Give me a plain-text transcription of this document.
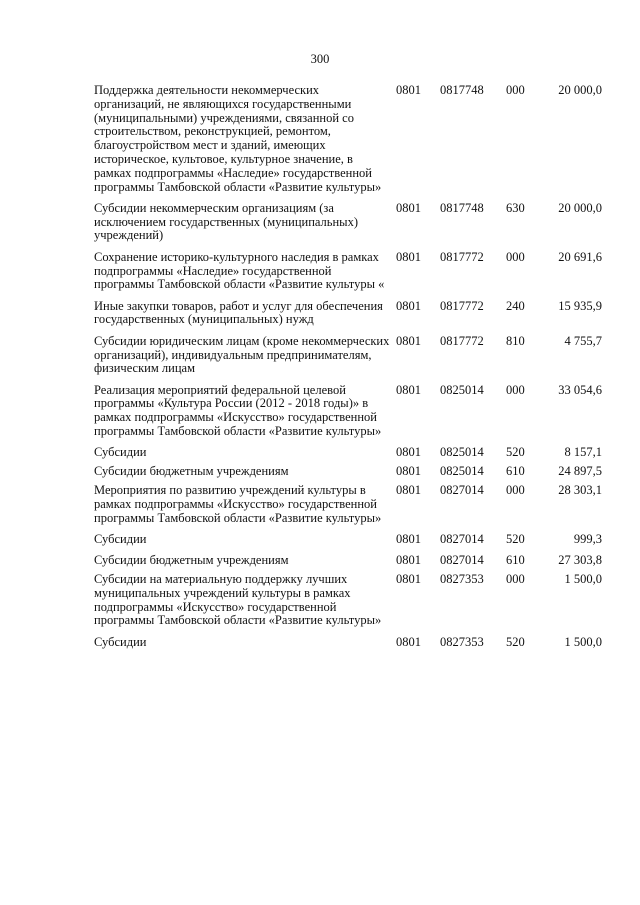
300
Поддержка деятельности некоммерческих организаций, не являющихся государственными (муниципальными) учреждениями, связанной со строительством, реконструкцией, ремонтом, благоустройством мест и зданий, имеющих историческое, культовое, культурное значение, в рамках подпрограммы «Наследие» государственной программы Тамбовской области «Развитие культуры»
0801	0817748	000	20 000,0
Субсидии некоммерческим организациям (за исключением государственных (муниципальных) учреждений)
0801	0817748	630	20 000,0
Сохранение историко-культурного наследия в рамках подпрограммы «Наследие» государственной программы Тамбовской области «Развитие культуры «
0801	0817772	000	20 691,6
Иные закупки товаров, работ и услуг для обеспечения государственных (муниципальных) нужд
0801	0817772	240	15 935,9
Субсидии юридическим лицам (кроме некоммерческих организаций), индивидуальным предпринимателям, физическим лицам
0801	0817772	810	4 755,7
Реализация мероприятий федеральной целевой программы «Культура России (2012 - 2018 годы)» в рамках подпрограммы «Искусство» государственной программы Тамбовской области «Развитие культуры»
0801	0825014	000	33 054,6
Субсидии	0801	0825014	520	8 157,1
Субсидии бюджетным учреждениям	0801	0825014	610	24 897,5
Мероприятия по развитию учреждений культуры в рамках подпрограммы «Искусство» государственной программы Тамбовской области «Развитие культуры»
0801	0827014	000	28 303,1
Субсидии	0801	0827014	520	999,3
Субсидии бюджетным учреждениям	0801	0827014	610	27 303,8
Субсидии на материальную поддержку лучших муниципальных учреждений культуры в рамках подпрограммы «Искусство» государственной программы Тамбовской области «Развитие культуры»
0801	0827353	000	1 500,0
Субсидии	0801	0827353	520	1 500,0
